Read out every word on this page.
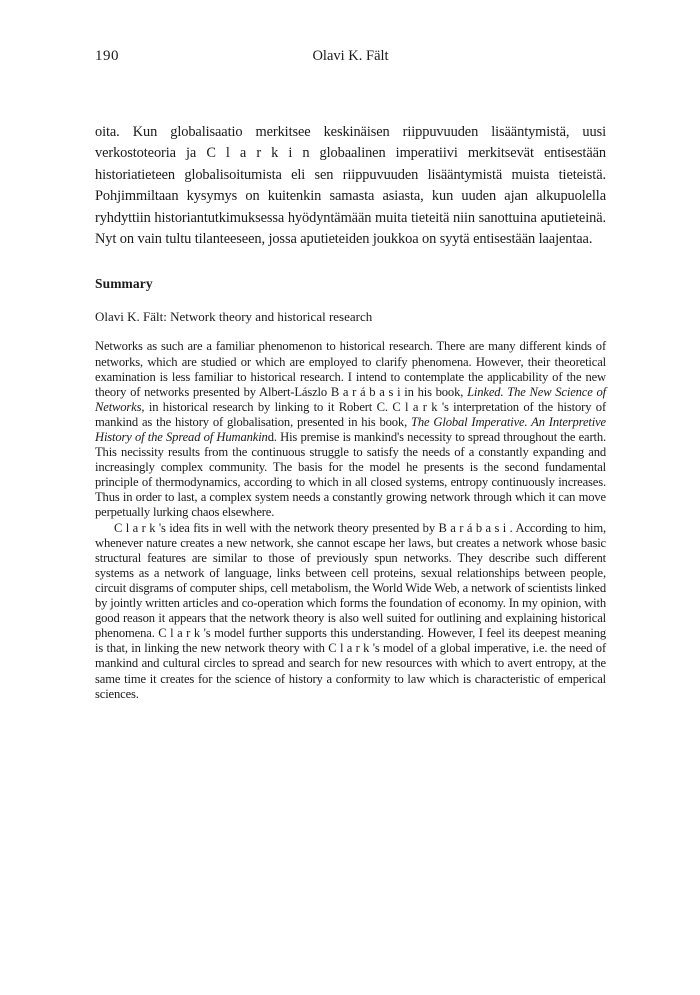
190	Olavi K. Fält

oita. Kun globalisaatio merkitsee keskinäisen riippuvuuden lisääntymistä, uusi verkostoteoria ja C l a r k i n globaalinen imperatiivi merkitsevät entisestään historiatieteen globalisoitumista eli sen riippuvuuden lisääntymistä muista tieteistä. Pohjimmiltaan kysymys on kuitenkin samasta asiasta, kun uuden ajan alkupuolella ryhdyttiin historiantutkimuksessa hyödyntämään muita tieteitä niin sanottuina aputieteinä. Nyt on vain tultu tilanteeseen, jossa aputieteiden joukkoa on syytä entisestään laajentaa.

Summary
Olavi K. Fält: Network theory and historical research

Networks as such are a familiar phenomenon to historical research. There are many different kinds of networks, which are studied or which are employed to clarify phenomena. However, their theoretical examination is less familiar to historical research. I intend to contemplate the applicability of the new theory of networks presented by Albert-Lászlo B a r á b a s i in his book, Linked. The New Science of Networks, in historical research by linking to it Robert C. C l a r k 's interpretation of the history of mankind as the history of globalisation, presented in his book, The Global Imperative. An Interpretive History of the Spread of Humankind. His premise is mankind's necessity to spread throughout the earth. This necissity results from the continuous struggle to satisfy the needs of a constantly expanding and increasingly complex community. The basis for the model he presents is the second fundamental principle of thermodynamics, according to which in all closed systems, entropy continuously increases. Thus in order to last, a complex system needs a constantly growing network through which it can move perpetually lurking chaos elsewhere.

C l a r k 's idea fits in well with the network theory presented by B a r á b a s i . According to him, whenever nature creates a new network, she cannot escape her laws, but creates a network whose basic structural features are similar to those of previously spun networks. They describe such different systems as a network of language, links between cell proteins, sexual relationships between people, circuit disgrams of computer ships, cell metabolism, the World Wide Web, a network of scientists linked by jointly written articles and co-operation which forms the foundation of economy. In my opinion, with good reason it appears that the network theory is also well suited for outlining and explaining historical phenomena. C l a r k 's model further supports this understanding. However, I feel its deepest meaning is that, in linking the new network theory with C l a r k 's model of a global imperative, i.e. the need of mankind and cultural circles to spread and search for new resources with which to avert entropy, at the same time it creates for the science of history a conformity to law which is characteristic of emperical sciences.
